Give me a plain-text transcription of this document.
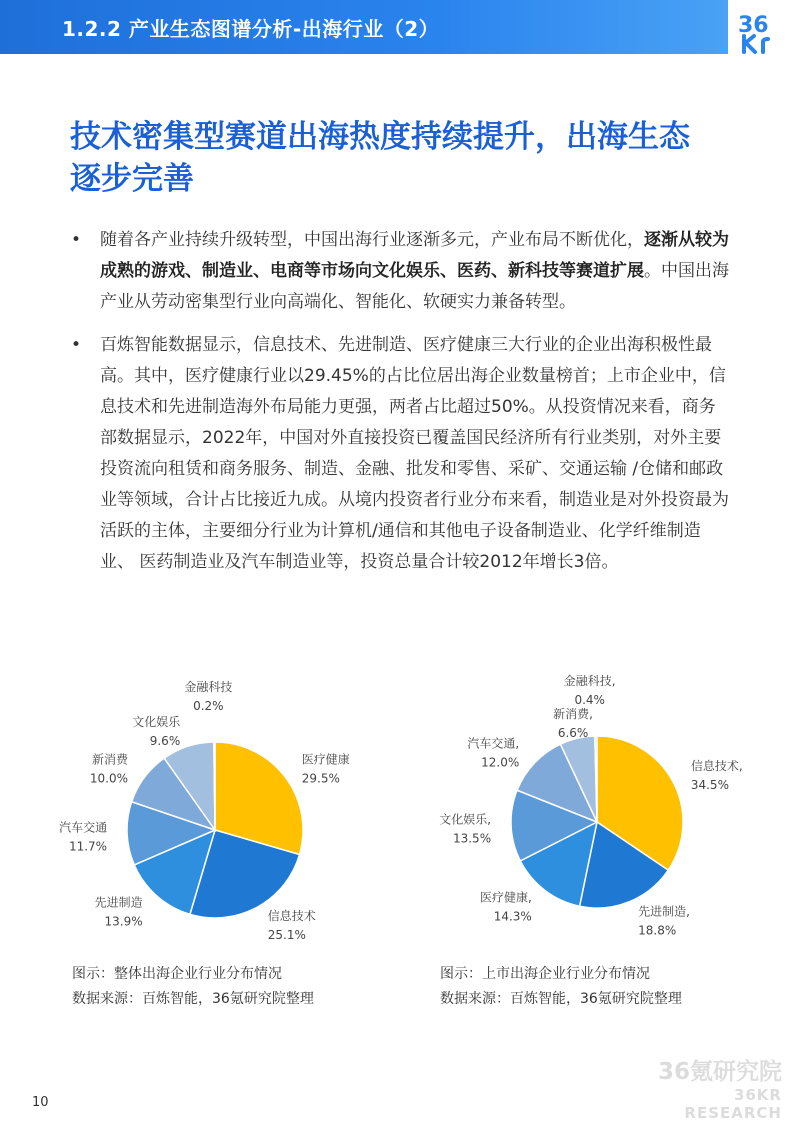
1.2.2 产业生态图谱分析-出海行业（2）	36
技术密集型赛道出海热度持续提升，出海生态
逐步完善
• 随着各产业持续升级转型，中国出海行业逐渐多元，产业布局不断优化，逐渐从较为成熟的游戏、制造业、电商等市场向文化娱乐、医药、新科技等赛道扩展。中国出海产业从劳动密集型行业向高端化、智能化、软硬实力兼备转型。
• 百炼智能数据显示，信息技术、先进制造、医疗健康三大行业的企业出海积极性最高。其中，医疗健康行业以29.45%的占比位居出海企业数量榜首；上市企业中，信息技术和先进制造海外布局能力更强，两者占比超过50%。从投资情况来看，商务部数据显示，2022年，中国对外直接投资已覆盖国民经济所有行业类别，对外主要投资流向租赁和商务服务、制造、金融、批发和零售、采矿、交通运输 /仓储和邮政业等领域，合计占比接近九成。从境内投资者行业分布来看，制造业是对外投资最为活跃的主体，主要细分行业为计算机/通信和其他电子设备制造业、化学纤维制造业、 医药制造业及汽车制造业等，投资总量合计较2012年增长3倍。
医疗健康
29.5%
信息技术
25.1%
先进制造
13.9%
汽车交通
11.7%
新消费
10.0%
文化娱乐
9.6%
金融科技
0.2%
信息技术,
34.5%
先进制造,
18.8%
医疗健康,
14.3%
文化娱乐,
13.5%
汽车交通,
12.0%
新消费,
6.6%
金融科技,
0.4%
图示：整体出海企业行业分布情况
数据来源：百炼智能，36氪研究院整理
图示：上市出海企业行业分布情况
数据来源：百炼智能，36氪研究院整理
36氪研究院
36KR RESEARCH
10
